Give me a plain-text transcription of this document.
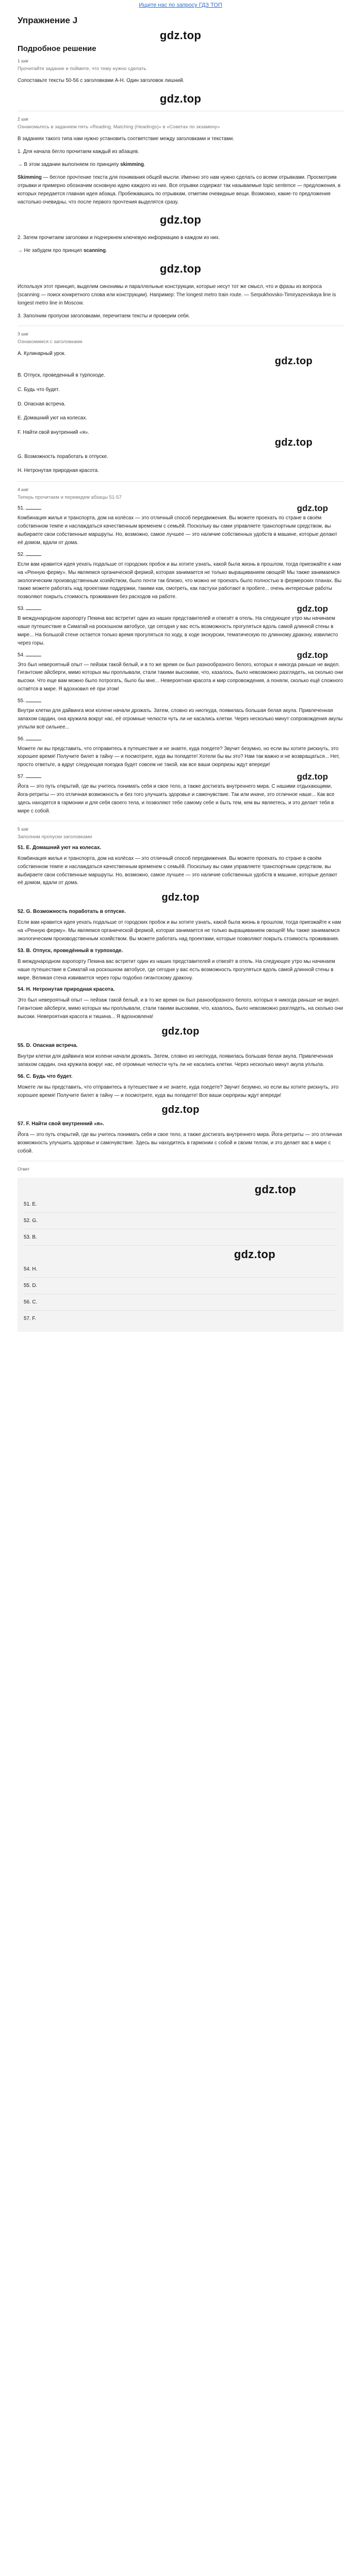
Ищите нас по запросу ГДЗ ТОП
Упражнение J
gdz.top
Подробное решение
1 шаг
Прочитайте задание и поймите, что тему нужно сделать.

Сопоставьте тексты 50-56 с заголовками A-H. Один заголовок лишний.

gdz.top
2 шаг
Ознакомьтесь в заданием пять «Reading, Matching (Headings)» в «Советах по экзамену»

В заданиях такого типа нам нужно установить соответствие между заголовками и текстами.

1. Для начала бегло прочитаем каждый из абзацев.

→ В этом задании выполняем по принципу skimming.

Skimming — беглое прочтение текста для понимания общей мысли. Именно это нам нужно сделать со всеми отрывками. Просмотрим отрывки и примерно обозначим основную идею каждого из них. Все отрывки содержат так называемые topic sentence — предложения, в которых передается главная идея абзаца. Пробежавшись по отрывкам, отметим очевидные вещи. Возможно, какие-то предложения настолько очевидны, что после первого прочтения выделятся сразу.

gdz.top

2. Затем прочитаем заголовки и подчеркнем ключевую информацию в каждом из них.

→ Не забудем про принцип scanning.

gdz.top

Используя этот принцип, выделим синонимы и параллельные конструкции, которые несут тот же смысл, что и фразы из вопроса (scanning — поиск конкретного слова или конструкции). Например: The longest metro train route. — Serpukhovsko-Timiryazevskaya line is longest metro line in Moscow.

3. Заполним пропуски заголовками, перечитаем тексты и проверим себя.

3 шаг
Ознакомимся с заголовками
A. Кулинарный урок.
gdz.top
B. Отпуск, проведенный в турпоходе.
C. Будь что будет.
D. Опасная встреча.
E. Домашний уют на колесах.
F. Найти свой внутренний «я».
gdz.top
G. Возможность поработать в отпуске.
H. Нетронутая природная красота.
4 шаг
Теперь прочитаем и переведем абзацы 51-57
51.	gdz.top

Комбинация жилья и транспорта, дом на колёсах — это отличный способ передвижения. Вы можете проехать по стране в своём собственном темпе и наслаждаться качественным временем с семьёй. Поскольку вы сами управляете транспортным средством, вы выбираете свои собственные маршруты. Но, возможно, самое лучшее — это наличие собственных удобств в машине, которые делают её домом, вдали от дома.

52.

Если вам нравится идея уехать подальше от городских пробок и вы хотите узнать, какой была жизнь в прошлом, тогда приезжайте к нам на «Ренную ферму». Мы являемся органической фермой, которая занимается не только выращиванием овощей! Мы также занимаемся экологическим производственным хозяйством, было почти так близко, что можно не проехать было полностью в фермерских планах. Вы также можете работать над проектами поддержки, такими как, смотреть, как пастухи работают в пробеге... очень интересные работы позволяют покрыть стоимость проживания без расходов на работе.

53.	gdz.top

В международном аэропорту Пекина вас встретит один из наших представителей и отвезёт в отель. На следующее утро мы начинаем наше путешествие в Симатай на роскошном автобусе, где сегодня у вас есть возможность прогуляться вдоль самой длинной стены в мире... На большой стене остается только время прогуляться по ходу, в ходе экскурсии, тематическую по длинному дракону, извилисто через горы.

54.	gdz.top

Это был невероятный опыт — пейзаж такой белый, и в то же время он был разнообразного белого, которых я никогда раньше не видел. Гигантские айсберги, мимо которых мы проплывали, стали такими высокими, что, казалось, было невозможно разглядеть, на сколько они высоки. Что еще вам можно было потрогать, было бы мне... Невероятная красота и мир сопровождения, а поняли, сколько ещё сложного остаётся в мире. Я вдохновил её при этом!

55.

Внутри клетки для дайвинга мои колени начали дрожать. Затем, словно из ниоткуда, появилась большая белая акула. Привлеченная запахом сардин, она кружила вокруг нас, её огромные челюсти чуть ли не касались клетки. Через несколько минут сопровождения акулы уплыли всё сильнее...

56.

Можете ли вы представить, что отправитесь в путешествие и не знаете, куда поедете? Звучит безумно, но если вы хотите рискнуть, это хорошее время! Получите билет в тайну — и посмотрите, куда вы попадете! Хотели бы вы это? Нам так важно и не возвращаться... Нет, просто ответьте, а вдруг следующая поездка будет совсем не такой, как все ваши сюрпризы ждут впереди!

57.	gdz.top

Йога — это путь открытий, где вы учитесь понимать себя и свое тело, а также достигать внутреннего мира. С нашими отдыхающими, йога-ретриты — это отличная возможность и без того улучшить здоровье и самочувствие. Так или иначе, это отличное наше... Как все здесь находятся в гармонии и для себя своего тела, и позволяют тебе самому себе и быть тем, кем вы являетесь, и это делает тебя в мире с собой.

5 шаг
Заполним пропуски заголовками
51. E. Домашний уют на колесах.

Комбинация жилья и транспорта, дом на колёсах — это отличный способ передвижения. Вы можете проехать по стране в своём собственном темпе и наслаждаться качественным временем с семьёй. Поскольку вы сами управляете транспортным средством, вы выбираете свои собственные маршруты. Но, возможно, самое лучшее — это наличие собственных удобств в машине, которые делают её домом, вдали от дома.

gdz.top
52. G. Возможность поработать в отпуске.

Если вам нравится идея уехать подальше от городских пробок и вы хотите узнать, какой была жизнь в прошлом, тогда приезжайте к нам на «Ренную ферму». Мы являемся органической фермой, которая занимается не только выращиванием овощей! Мы также занимаемся экологическим производственным хозяйством. Вы можете работать над проектами, которые позволяют покрыть стоимость проживания.

53. B. Отпуск, проведённый в турпоходе.

В международном аэропорту Пекина вас встретит один из наших представителей и отвезёт в отель. На следующее утро мы начинаем наше путешествие в Симатай на роскошном автобусе, где сегодня у вас есть возможность прогуляться вдоль самой длинной стены в мире. Великая стена извивается через горы подобно гигантскому дракону.

54. H. Нетронутая природная красота.

Это был невероятный опыт — пейзаж такой белый, и в то же время он был разнообразного белого, которых я никогда раньше не видел. Гигантские айсберги, мимо которых мы проплывали, стали такими высокими, что, казалось, было невозможно разглядеть, на сколько они высоки. Невероятная красота и тишина... Я вдохновлена!

gdz.top
55. D. Опасная встреча.

Внутри клетки для дайвинга мои колени начали дрожать. Затем, словно из ниоткуда, появилась большая белая акула. Привлеченная запахом сардин, она кружила вокруг нас, её огромные челюсти чуть ли не касались клетки. Через несколько минут акула уплыла.

56. C. Будь что будет.

Можете ли вы представить, что отправитесь в путешествие и не знаете, куда поедете? Звучит безумно, но если вы хотите рискнуть, это хорошее время! Получите билет в тайну — и посмотрите, куда вы попадете! Все ваши сюрпризы ждут впереди!

gdz.top
57. F. Найти свой внутренний «я».

Йога — это путь открытий, где вы учитесь понимать себя и свое тело, а также достигать внутреннего мира. Йога-ретриты — это отличная возможность улучшить здоровье и самочувствие. Здесь вы находитесь в гармонии с собой и своим телом, и это делает вас в мире с собой.

Ответ
gdz.top
51. E.
52. G.
53. B.
gdz.top
54. H.
55. D.
56. C.
57. F.
